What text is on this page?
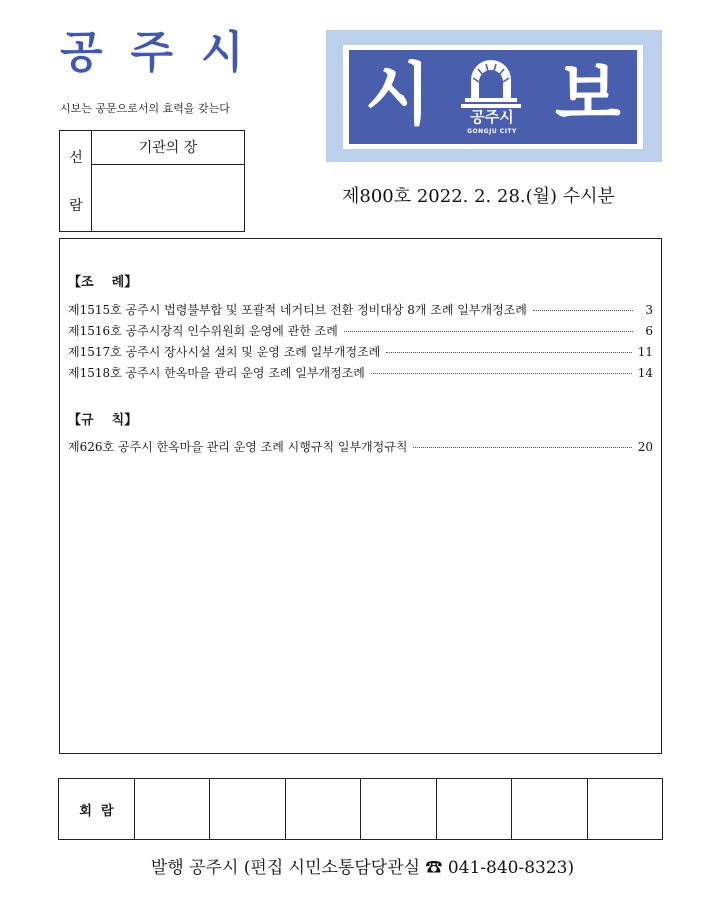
공주시
시보는 공문으로서의 효력을 갖는다
선
람
기관의 장
시	공주시
GONGJU CITY 보
제800호 2022. 2. 28.(월) 수시분
【조    례】
제1515호 공주시 법령불부합 및 포괄적 네거티브 전환 정비대상 8개 조례 일부개정조례	3
제1516호 공주시장직 인수위원회 운영에 관한 조례	6
제1517호 공주시 장사시설 설치 및 운영 조례 일부개정조례	11
제1518호 공주시 한옥마을 관리 운영 조례 일부개정조례	14
【규    칙】
제626호 공주시 한옥마을 관리 운영 조례 시행규칙 일부개정규칙	20
회  람
발행 공주시 (편집 시민소통담당관실 ☎ 041-840-8323)
